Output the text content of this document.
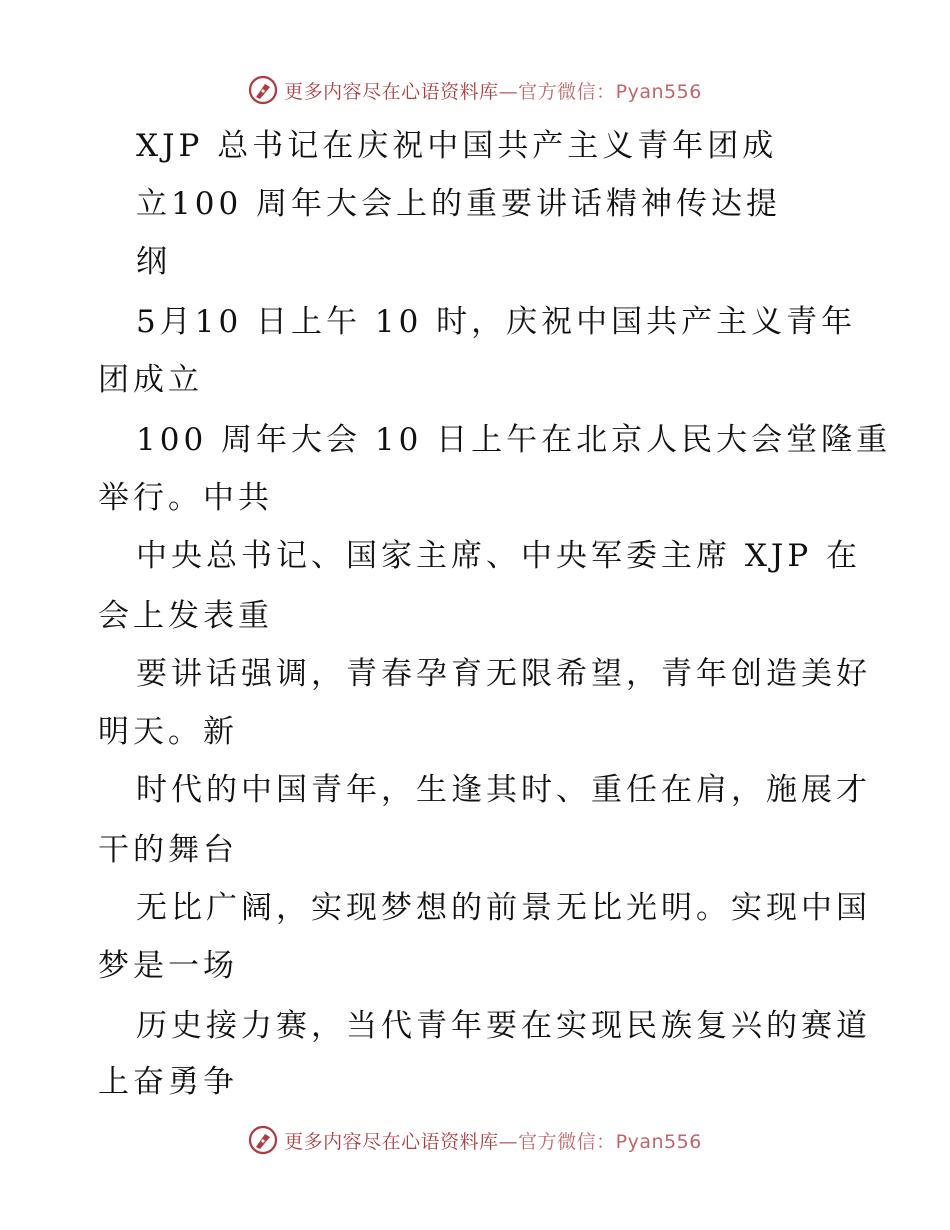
更多内容尽在心语资料库—官方微信：Pyan556
XJP 总书记在庆祝中国共产主义青年团成
立100 周年大会上的重要讲话精神传达提
纲
5月10 日上午 10 时，庆祝中国共产主义青年
团成立
100 周年大会 10 日上午在北京人民大会堂隆重
举行。中共
中央总书记、国家主席、中央军委主席 XJP 在
会上发表重
要讲话强调，青春孕育无限希望，青年创造美好
明天。新
时代的中国青年，生逢其时、重任在肩，施展才
干的舞台
无比广阔，实现梦想的前景无比光明。实现中国
梦是一场
历史接力赛，当代青年要在实现民族复兴的赛道
上奋勇争
更多内容尽在心语资料库—官方微信：Pyan556
